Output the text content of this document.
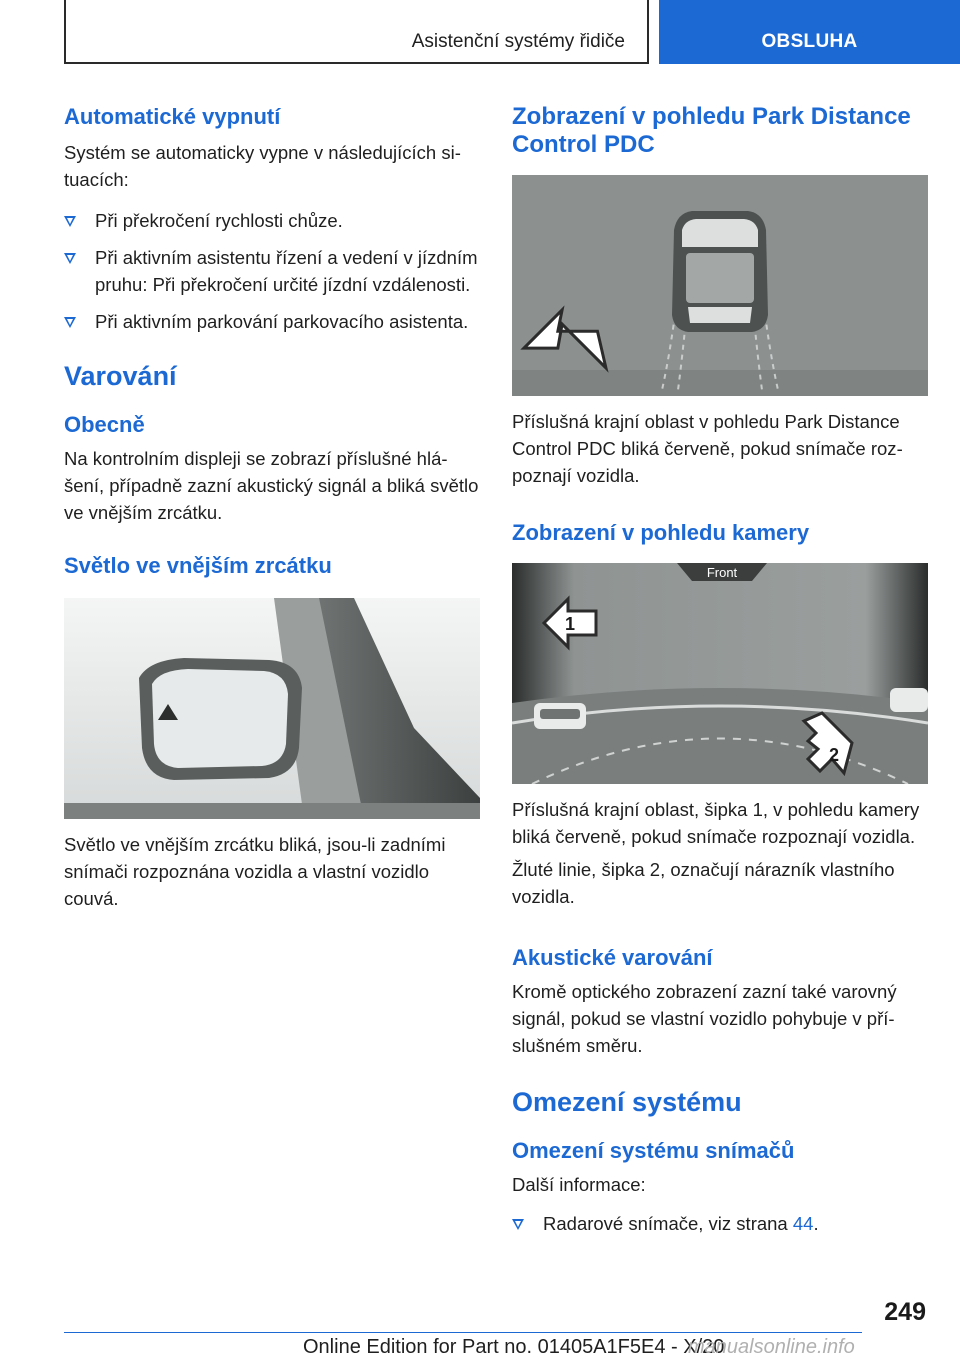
Asistenční systémy řidiče	OBSLUHA
Automatické vypnutí

Systém se automaticky vypne v následujících situacích:

Při překročení rychlosti chůze.
Při aktivním asistentu řízení a vedení v jízdním pruhu: Při překročení určité jízdní vzdálenosti.
Při aktivním parkování parkovacího asistenta.
Varování
Obecně

Na kontrolním displeji se zobrazí příslušné hlášení, případně zazní akustický signál a bliká světlo ve vnějším zrcátku.

Světlo ve vnějším zrcátku

Světlo ve vnějším zrcátku bliká, jsou-li zadními snímači rozpoznána vozidla a vlastní vozidlo couvá.

Zobrazení v pohledu Park Distance Control PDC

Příslušná krajní oblast v pohledu Park Distance Control PDC bliká červeně, pokud snímače rozpoznají vozidla.

Zobrazení v pohledu kamery
Front
1
2

Příslušná krajní oblast, šipka 1, v pohledu kamery bliká červeně, pokud snímače rozpoznají vozidla.

Žluté linie, šipka 2, označují nárazník vlastního vozidla.

Akustické varování

Kromě optického zobrazení zazní také varovný signál, pokud se vlastní vozidlo pohybuje v příslušném směru.

Omezení systému
Omezení systému snímačů

Další informace:

Radarové snímače, viz strana 44.
249
Online Edition for Part no. 01405A1F5E4 - X/20
manualsonline.info
